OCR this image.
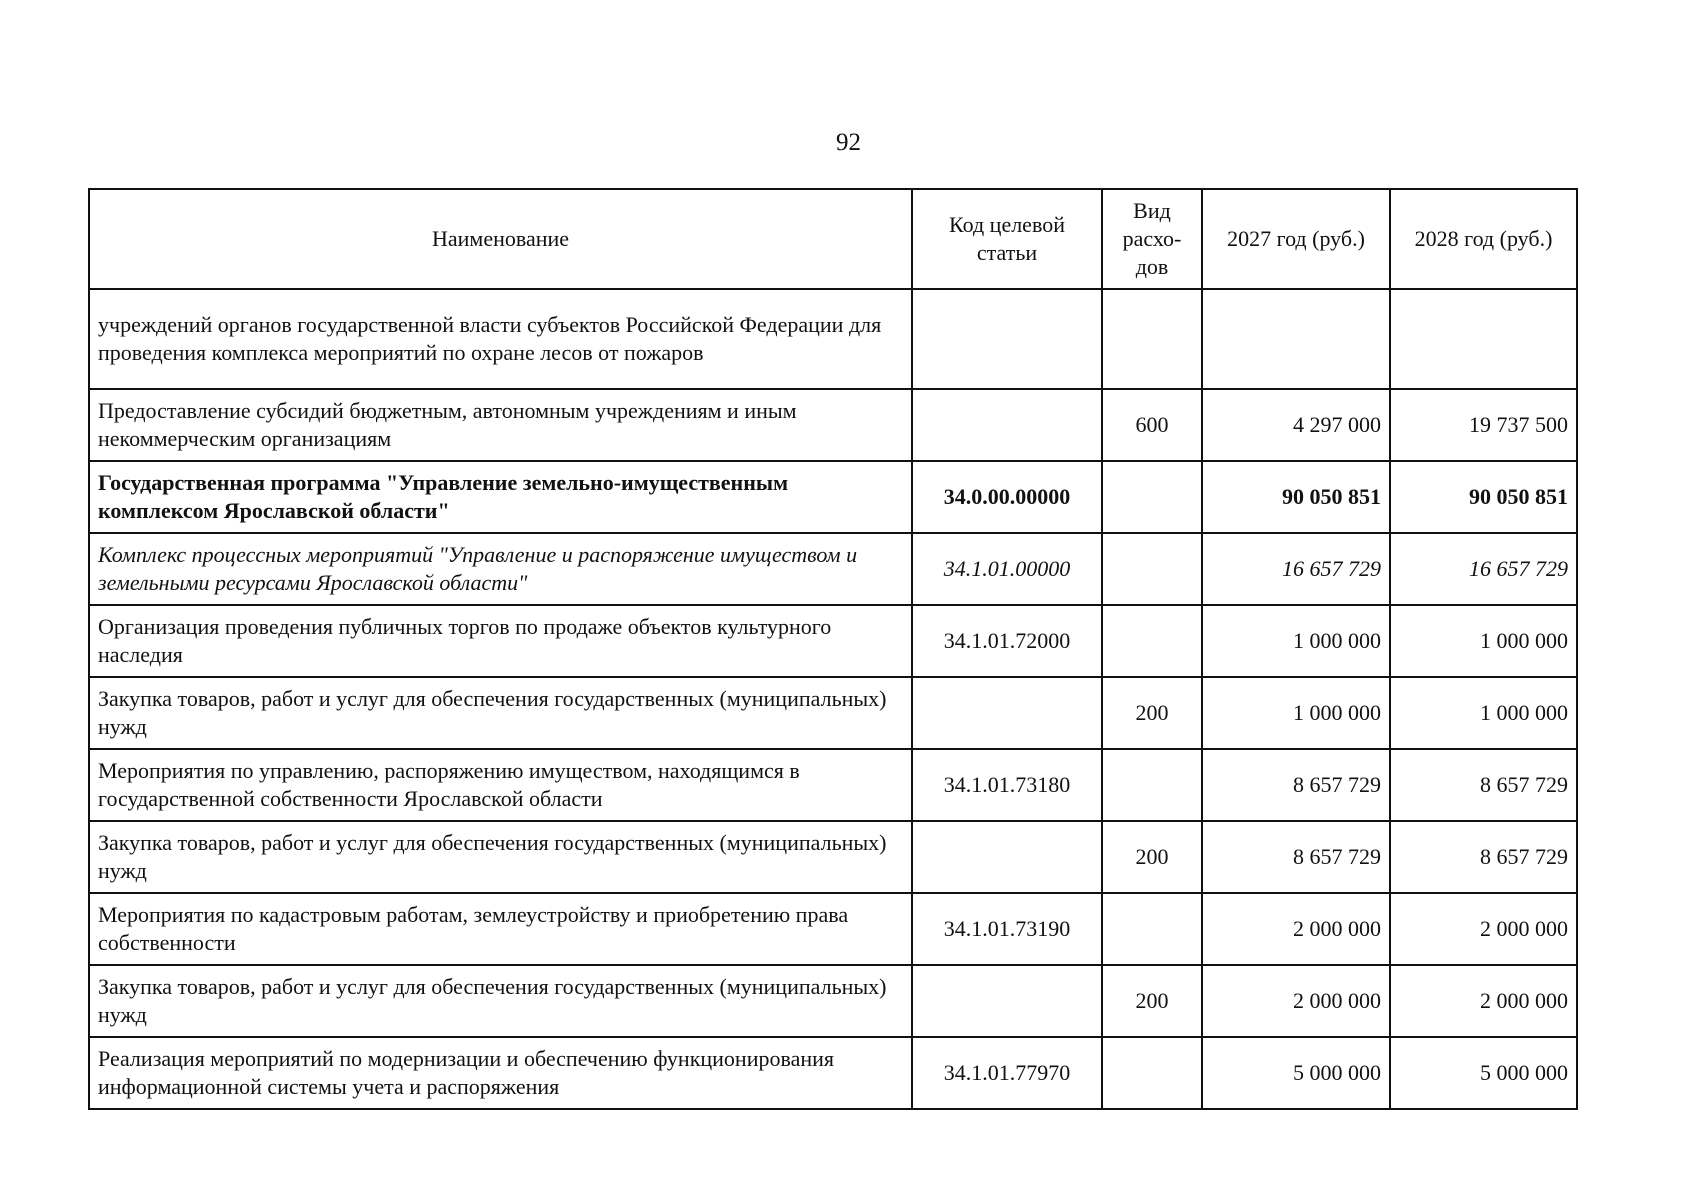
92
Наименование	Код целевой статьи	Вид расхо-дов	2027 год (руб.)	2028 год (руб.)
учреждений органов государственной власти субъектов Российской Федерации для проведения комплекса мероприятий по охране лесов от пожаров				
Предоставление субсидий бюджетным, автономным учреждениям и иным некоммерческим организациям		600	4 297 000	19 737 500
Государственная программа "Управление земельно-имущественным комплексом Ярославской области"	34.0.00.00000		90 050 851	90 050 851
Комплекс процессных мероприятий "Управление и распоряжение имуществом и земельными ресурсами Ярославской области"	34.1.01.00000		16 657 729	16 657 729
Организация проведения публичных торгов по продаже объектов культурного наследия	34.1.01.72000		1 000 000	1 000 000
Закупка товаров, работ и услуг для обеспечения государственных (муниципальных) нужд		200	1 000 000	1 000 000
Мероприятия по управлению, распоряжению имуществом, находящимся в государственной собственности Ярославской области	34.1.01.73180		8 657 729	8 657 729
Закупка товаров, работ и услуг для обеспечения государственных (муниципальных) нужд		200	8 657 729	8 657 729
Мероприятия по кадастровым работам, землеустройству и приобретению права собственности	34.1.01.73190		2 000 000	2 000 000
Закупка товаров, работ и услуг для обеспечения государственных (муниципальных) нужд		200	2 000 000	2 000 000
Реализация мероприятий по модернизации и обеспечению функционирования информационной системы учета и распоряжения	34.1.01.77970		5 000 000	5 000 000
